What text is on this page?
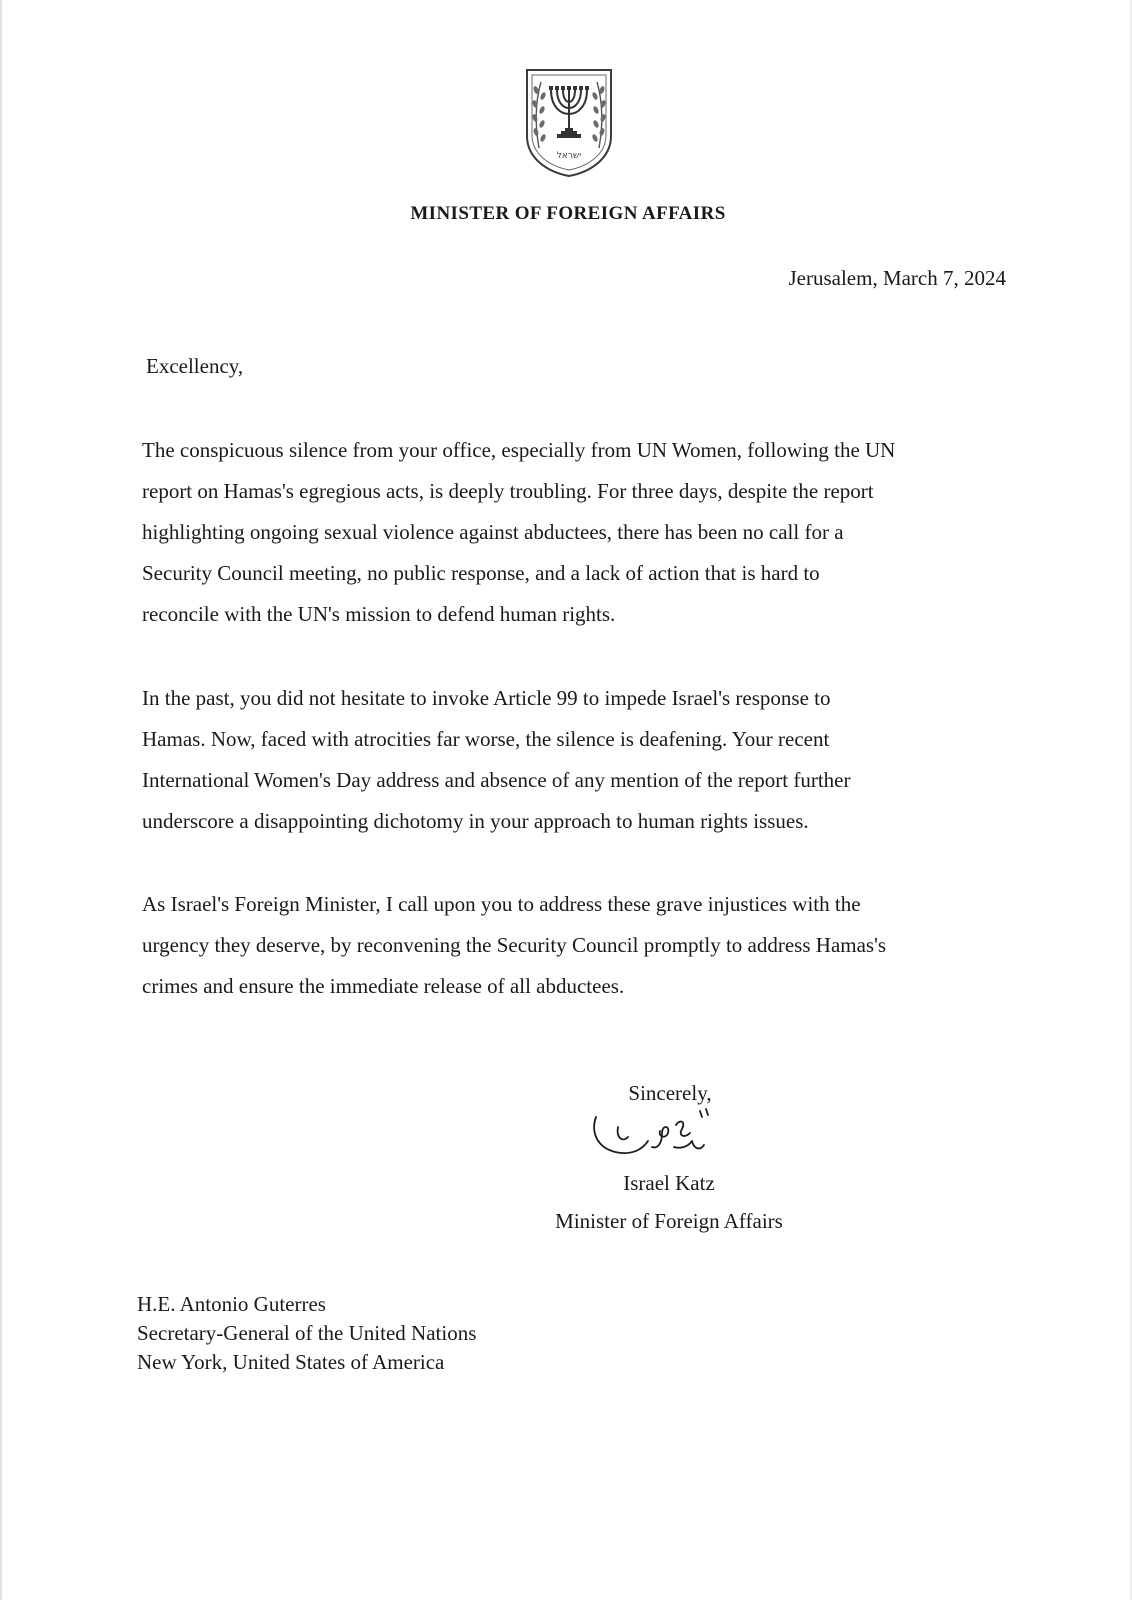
ישראל
MINISTER OF FOREIGN AFFAIRS
Jerusalem, March 7, 2024
Excellency,
The conspicuous silence from your office, especially from UN Women, following the UN
report on Hamas's egregious acts, is deeply troubling. For three days, despite the report
highlighting ongoing sexual violence against abductees, there has been no call for a
Security Council meeting, no public response, and a lack of action that is hard to
reconcile with the UN's mission to defend human rights.
In the past, you did not hesitate to invoke Article 99 to impede Israel's response to
Hamas. Now, faced with atrocities far worse, the silence is deafening. Your recent
International Women's Day address and absence of any mention of the report further
underscore a disappointing dichotomy in your approach to human rights issues.
As Israel's Foreign Minister, I call upon you to address these grave injustices with the
urgency they deserve, by reconvening the Security Council promptly to address Hamas's
crimes and ensure the immediate release of all abductees.
Sincerely,
Israel Katz
Minister of Foreign Affairs
H.E. Antonio Guterres
Secretary-General of the United Nations
New York, United States of America
